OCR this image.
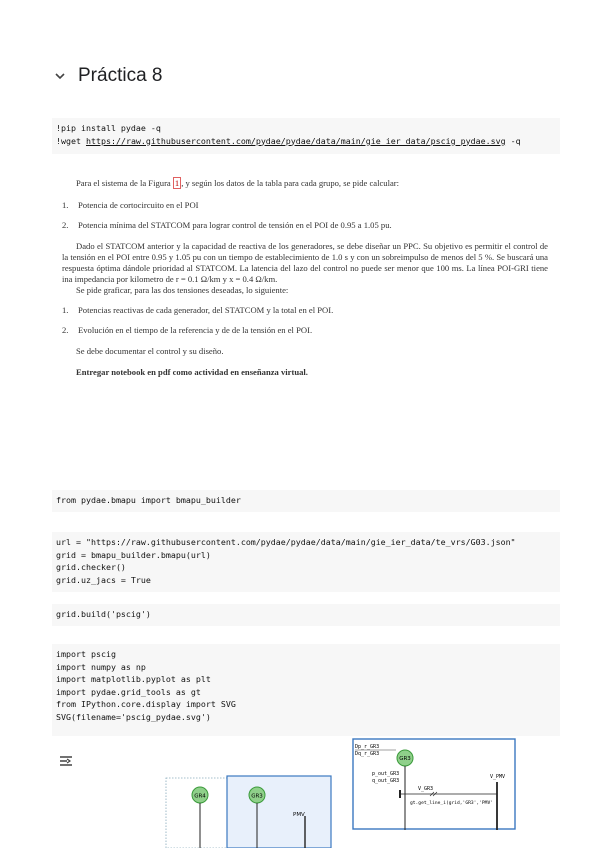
Práctica 8
!pip install pydae -q
!wget https://raw.githubusercontent.com/pydae/pydae/data/main/gie_ier_data/pscig_pydae.svg -q

Para el sistema de la Figura 1 , y según los datos de la tabla para cada grupo, se pide calcular:

1.	Potencia de cortocircuito en el POI
2.	Potencia mínima del STATCOM para lograr control de tensión en el POI de 0.95 a 1.05 pu.

Dado el STATCOM anterior y la capacidad de reactiva de los generadores, se debe diseñar un PPC. Su objetivo es permitir el control de la tensión en el POI entre 0.95 y 1.05 pu con un tiempo de establecimiento de 1.0 s y con un sobreimpulso de menos del 5 %. Se buscará una respuesta óptima dándole prioridad al STATCOM. La latencia del lazo del control no puede ser menor que 100 ms. La línea POI-GRI tiene ina impedancia por kilometro de r = 0.1 Ω/km y x = 0.4 Ω/km.

Se pide graficar, para las dos tensiones deseadas, lo siguiente:

1.	Potencias reactivas de cada generador, del STATCOM y la total en el POI.
2.	Evolución en el tiempo de la referencia y de de la tensión en el POI.

Se debe documentar el control y su diseño.

Entregar notebook en pdf como actividad en enseñanza virtual.

from pydae.bmapu import bmapu_builder
url = "https://raw.githubusercontent.com/pydae/pydae/data/main/gie_ier_data/te_vrs/G03.json"
grid = bmapu_builder.bmapu(url)
grid.checker()
grid.uz_jacs = True
grid.build('pscig')
import pscig
import numpy as np
import matplotlib.pyplot as plt
import pydae.grid_tools as gt
from IPython.core.display import SVG
SVG(filename='pscig_pydae.svg')
GR4	GR3
PMV
Dp_r_GR3
Dq_r_GR3
GR3
p_out_GR3
q_out_GR3
V_GR3
V_PMV
gt.get_line_i(grid,'GR3','PMV'
